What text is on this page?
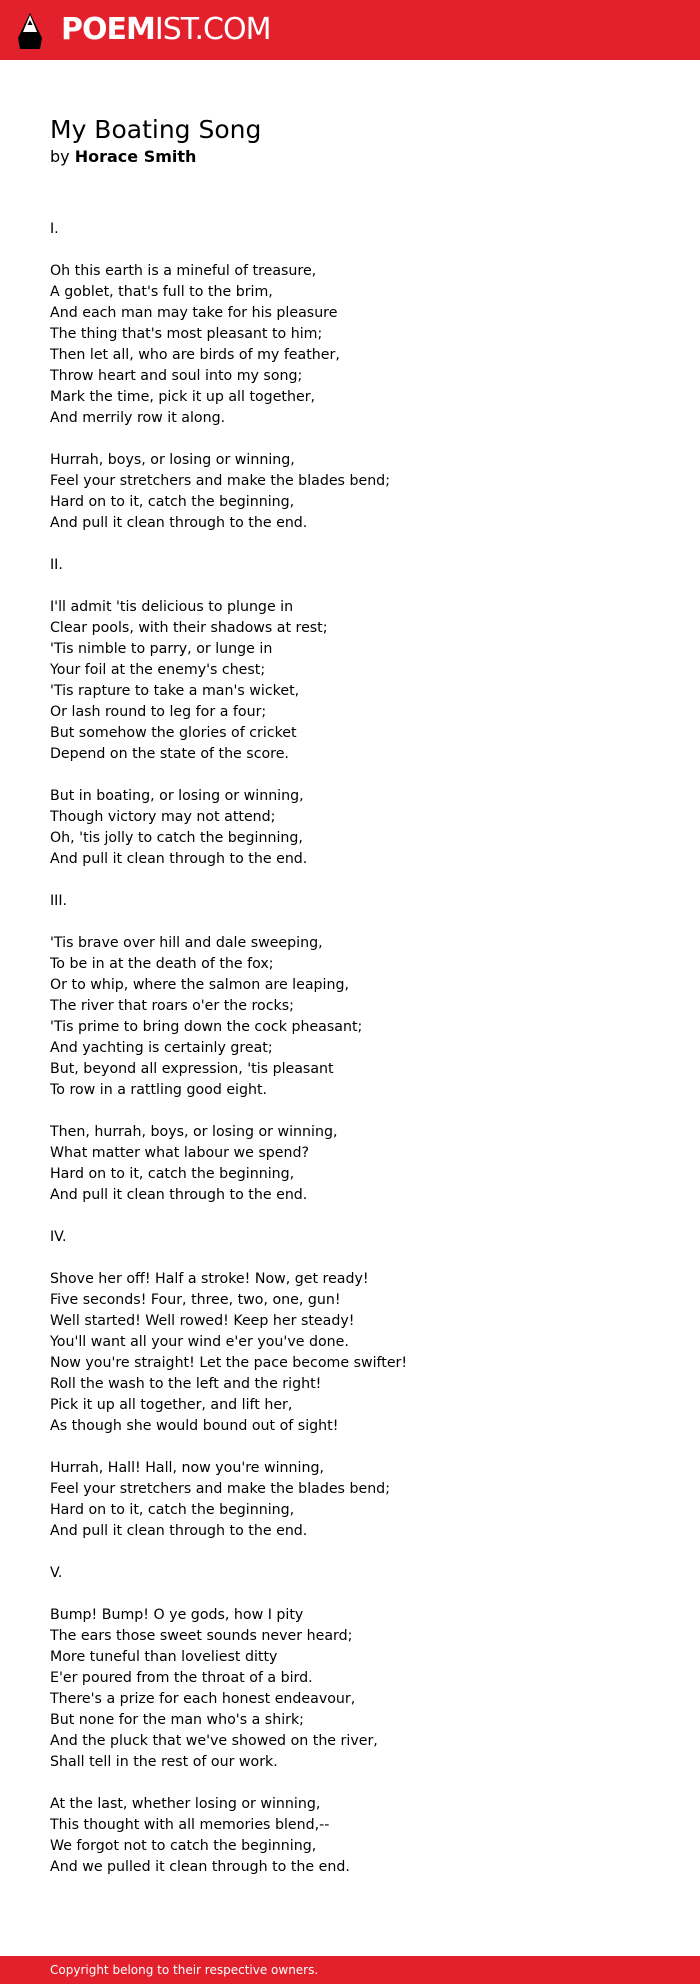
POEMIST.COM
My Boating Song
by Horace Smith
I.
Oh this earth is a mineful of treasure,
A goblet, that's full to the brim,
And each man may take for his pleasure
The thing that's most pleasant to him;
Then let all, who are birds of my feather,
Throw heart and soul into my song;
Mark the time, pick it up all together,
And merrily row it along.
Hurrah, boys, or losing or winning,
Feel your stretchers and make the blades bend;
Hard on to it, catch the beginning,
And pull it clean through to the end.
II.
I'll admit 'tis delicious to plunge in
Clear pools, with their shadows at rest;
'Tis nimble to parry, or lunge in
Your foil at the enemy's chest;
'Tis rapture to take a man's wicket,
Or lash round to leg for a four;
But somehow the glories of cricket
Depend on the state of the score.
But in boating, or losing or winning,
Though victory may not attend;
Oh, 'tis jolly to catch the beginning,
And pull it clean through to the end.
III.
'Tis brave over hill and dale sweeping,
To be in at the death of the fox;
Or to whip, where the salmon are leaping,
The river that roars o'er the rocks;
'Tis prime to bring down the cock pheasant;
And yachting is certainly great;
But, beyond all expression, 'tis pleasant
To row in a rattling good eight.
Then, hurrah, boys, or losing or winning,
What matter what labour we spend?
Hard on to it, catch the beginning,
And pull it clean through to the end.
IV.
Shove her off! Half a stroke! Now, get ready!
Five seconds! Four, three, two, one, gun!
Well started! Well rowed! Keep her steady!
You'll want all your wind e'er you've done.
Now you're straight! Let the pace become swifter!
Roll the wash to the left and the right!
Pick it up all together, and lift her,
As though she would bound out of sight!
Hurrah, Hall! Hall, now you're winning,
Feel your stretchers and make the blades bend;
Hard on to it, catch the beginning,
And pull it clean through to the end.
V.
Bump! Bump! O ye gods, how I pity
The ears those sweet sounds never heard;
More tuneful than loveliest ditty
E'er poured from the throat of a bird.
There's a prize for each honest endeavour,
But none for the man who's a shirk;
And the pluck that we've showed on the river,
Shall tell in the rest of our work.
At the last, whether losing or winning,
This thought with all memories blend,--
We forgot not to catch the beginning,
And we pulled it clean through to the end.
Copyright belong to their respective owners.
